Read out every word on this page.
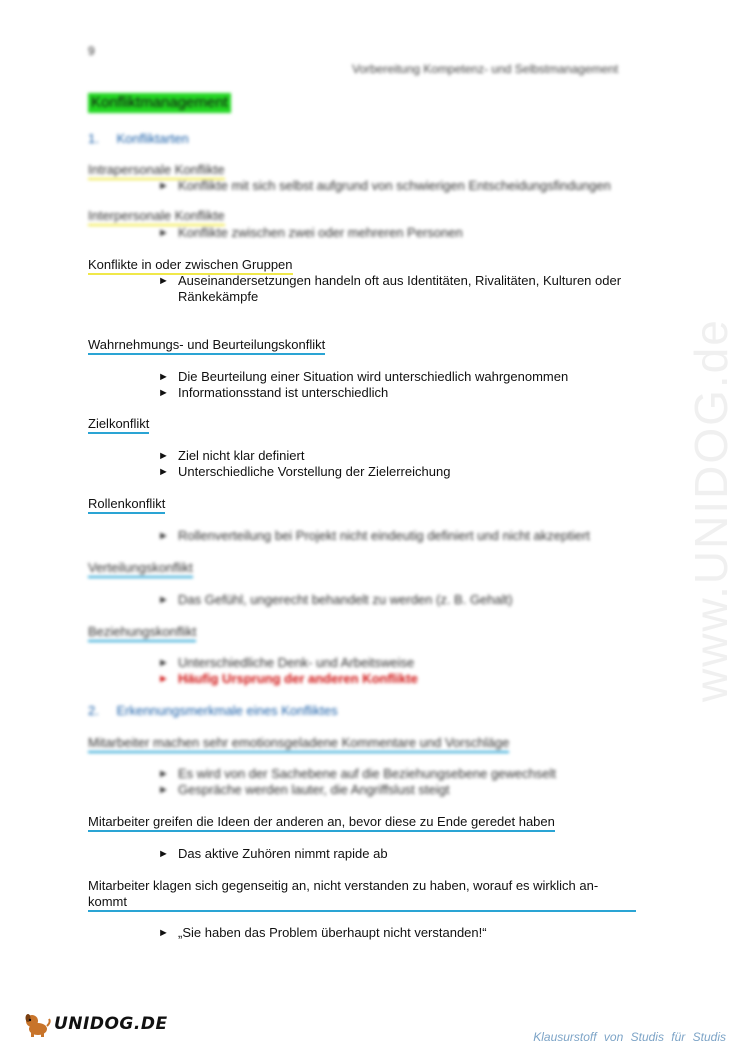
9
Vorbereitung Kompetenz- und Selbstmanagement
Konfliktmanagement
1. Konfliktarten
Intrapersonale Konflikte
► Konflikte mit sich selbst aufgrund von schwierigen Entscheidungsfindungen
Interpersonale Konflikte
► Konflikte zwischen zwei oder mehreren Personen
Konflikte in oder zwischen Gruppen
► Auseinandersetzungen handeln oft aus Identitäten, Rivalitäten, Kulturen oder Ränkekämpfe
Wahrnehmungs- und Beurteilungskonflikt
► Die Beurteilung einer Situation wird unterschiedlich wahrgenommen
► Informationsstand ist unterschiedlich
Zielkonflikt
► Ziel nicht klar definiert
► Unterschiedliche Vorstellung der Zielerreichung
Rollenkonflikt
► Rollenverteilung bei Projekt nicht eindeutig definiert und nicht akzeptiert
Verteilungskonflikt
► Das Gefühl, ungerecht behandelt zu werden (z. B. Gehalt)
Beziehungskonflikt
► Unterschiedliche Denk- und Arbeitsweise
► Häufig Ursprung der anderen Konflikte
2. Erkennungsmerkmale eines Konfliktes
Mitarbeiter machen sehr emotionsgeladene Kommentare und Vorschläge
► Es wird von der Sachebene auf die Beziehungsebene gewechselt
► Gespräche werden lauter, die Angriffslust steigt
Mitarbeiter greifen die Ideen der anderen an, bevor diese zu Ende geredet haben
► Das aktive Zuhören nimmt rapide ab
Mitarbeiter klagen sich gegenseitig an, nicht verstanden zu haben, worauf es wirklich an-kommt
► „Sie haben das Problem überhaupt nicht verstanden!“
www.UNIDOG.de
UNIDOG.DE
Klausurstoff von Studis für Studis
